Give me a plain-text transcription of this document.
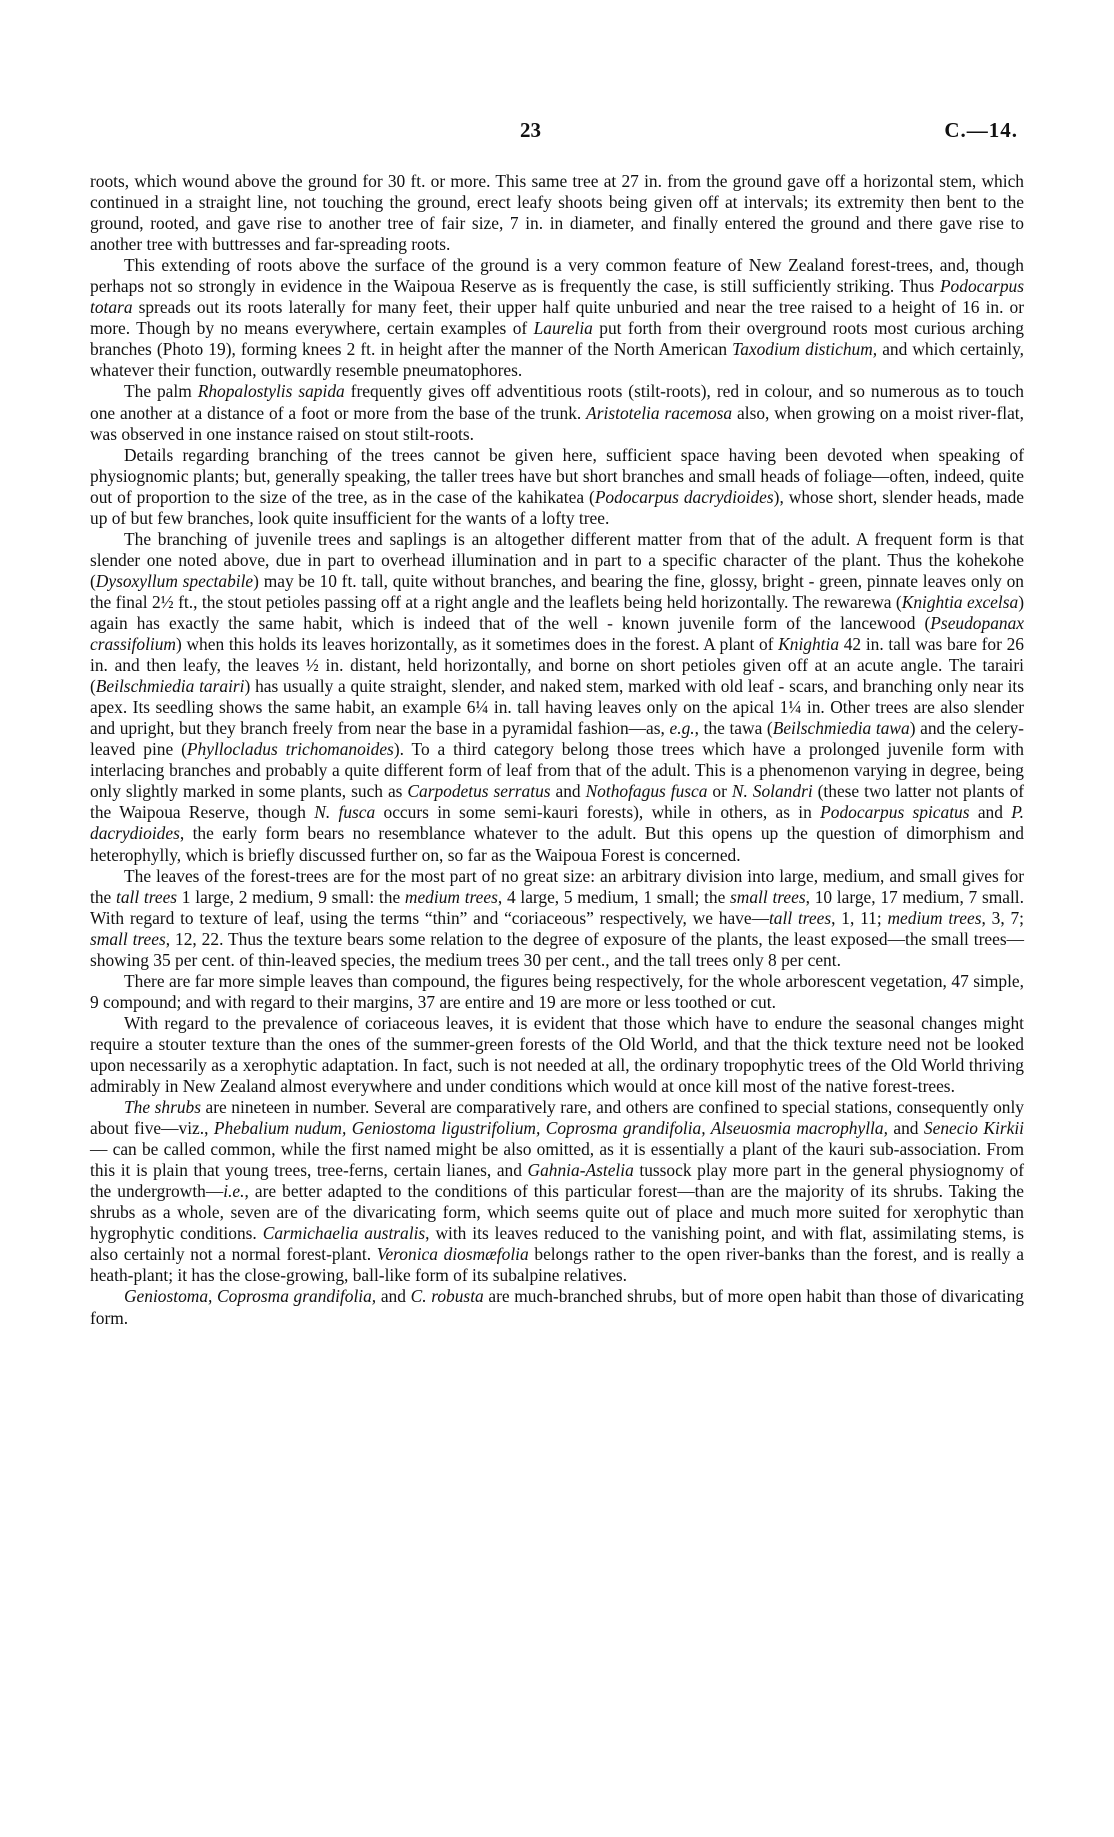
23	C.—14.

roots, which wound above the ground for 30 ft. or more. This same tree at 27 in. from the ground gave off a horizontal stem, which continued in a straight line, not touching the ground, erect leafy shoots being given off at intervals; its extremity then bent to the ground, rooted, and gave rise to another tree of fair size, 7 in. in diameter, and finally entered the ground and there gave rise to another tree with buttresses and far-spreading roots.

This extending of roots above the surface of the ground is a very common feature of New Zealand forest-trees, and, though perhaps not so strongly in evidence in the Waipoua Reserve as is frequently the case, is still sufficiently striking. Thus Podocarpus totara spreads out its roots laterally for many feet, their upper half quite unburied and near the tree raised to a height of 16 in. or more. Though by no means everywhere, certain examples of Laurelia put forth from their overground roots most curious arching branches (Photo 19), forming knees 2 ft. in height after the manner of the North American Taxodium distichum, and which certainly, whatever their function, outwardly resemble pneumatophores.

The palm Rhopalostylis sapida frequently gives off adventitious roots (stilt-roots), red in colour, and so numerous as to touch one another at a distance of a foot or more from the base of the trunk. Aristotelia racemosa also, when growing on a moist river-flat, was observed in one instance raised on stout stilt-roots.

Details regarding branching of the trees cannot be given here, sufficient space having been devoted when speaking of physiognomic plants; but, generally speaking, the taller trees have but short branches and small heads of foliage—often, indeed, quite out of proportion to the size of the tree, as in the case of the kahikatea (Podocarpus dacrydioides), whose short, slender heads, made up of but few branches, look quite insufficient for the wants of a lofty tree.

The branching of juvenile trees and saplings is an altogether different matter from that of the adult. A frequent form is that slender one noted above, due in part to overhead illumination and in part to a specific character of the plant. Thus the kohekohe (Dysoxyllum spectabile) may be 10 ft. tall, quite without branches, and bearing the fine, glossy, bright - green, pinnate leaves only on the final 2½ ft., the stout petioles passing off at a right angle and the leaflets being held horizontally. The rewarewa (Knightia excelsa) again has exactly the same habit, which is indeed that of the well - known juvenile form of the lancewood (Pseudopanax crassifolium) when this holds its leaves horizontally, as it sometimes does in the forest. A plant of Knightia 42 in. tall was bare for 26 in. and then leafy, the leaves ½ in. distant, held horizontally, and borne on short petioles given off at an acute angle. The tarairi (Beilschmiedia tarairi) has usually a quite straight, slender, and naked stem, marked with old leaf - scars, and branching only near its apex. Its seedling shows the same habit, an example 6¼ in. tall having leaves only on the apical 1¼ in. Other trees are also slender and upright, but they branch freely from near the base in a pyramidal fashion—as, e.g., the tawa (Beilschmiedia tawa) and the celery-leaved pine (Phyllocladus trichomanoides). To a third category belong those trees which have a prolonged juvenile form with interlacing branches and probably a quite different form of leaf from that of the adult. This is a phenomenon varying in degree, being only slightly marked in some plants, such as Carpodetus serratus and Nothofagus fusca or N. Solandri (these two latter not plants of the Waipoua Reserve, though N. fusca occurs in some semi-kauri forests), while in others, as in Podocarpus spicatus and P. dacrydioides, the early form bears no resemblance whatever to the adult. But this opens up the question of dimorphism and heterophylly, which is briefly discussed further on, so far as the Waipoua Forest is concerned.

The leaves of the forest-trees are for the most part of no great size: an arbitrary division into large, medium, and small gives for the tall trees 1 large, 2 medium, 9 small: the medium trees, 4 large, 5 medium, 1 small; the small trees, 10 large, 17 medium, 7 small. With regard to texture of leaf, using the terms “thin” and “coriaceous” respectively, we have—tall trees, 1, 11; medium trees, 3, 7; small trees, 12, 22. Thus the texture bears some relation to the degree of exposure of the plants, the least exposed—the small trees—showing 35 per cent. of thin-leaved species, the medium trees 30 per cent., and the tall trees only 8 per cent.

There are far more simple leaves than compound, the figures being respectively, for the whole arborescent vegetation, 47 simple, 9 compound; and with regard to their margins, 37 are entire and 19 are more or less toothed or cut.

With regard to the prevalence of coriaceous leaves, it is evident that those which have to endure the seasonal changes might require a stouter texture than the ones of the summer-green forests of the Old World, and that the thick texture need not be looked upon necessarily as a xerophytic adaptation. In fact, such is not needed at all, the ordinary tropophytic trees of the Old World thriving admirably in New Zealand almost everywhere and under conditions which would at once kill most of the native forest-trees.

The shrubs are nineteen in number. Several are comparatively rare, and others are confined to special stations, consequently only about five—viz., Phebalium nudum, Geniostoma ligustrifolium, Coprosma grandifolia, Alseuosmia macrophylla, and Senecio Kirkii — can be called common, while the first named might be also omitted, as it is essentially a plant of the kauri sub-association. From this it is plain that young trees, tree-ferns, certain lianes, and Gahnia-Astelia tussock play more part in the general physiognomy of the undergrowth—i.e., are better adapted to the conditions of this particular forest—than are the majority of its shrubs. Taking the shrubs as a whole, seven are of the divaricating form, which seems quite out of place and much more suited for xerophytic than hygrophytic conditions. Carmichaelia australis, with its leaves reduced to the vanishing point, and with flat, assimilating stems, is also certainly not a normal forest-plant. Veronica diosmæfolia belongs rather to the open river-banks than the forest, and is really a heath-plant; it has the close-growing, ball-like form of its subalpine relatives.

Geniostoma, Coprosma grandifolia, and C. robusta are much-branched shrubs, but of more open habit than those of divaricating form.
